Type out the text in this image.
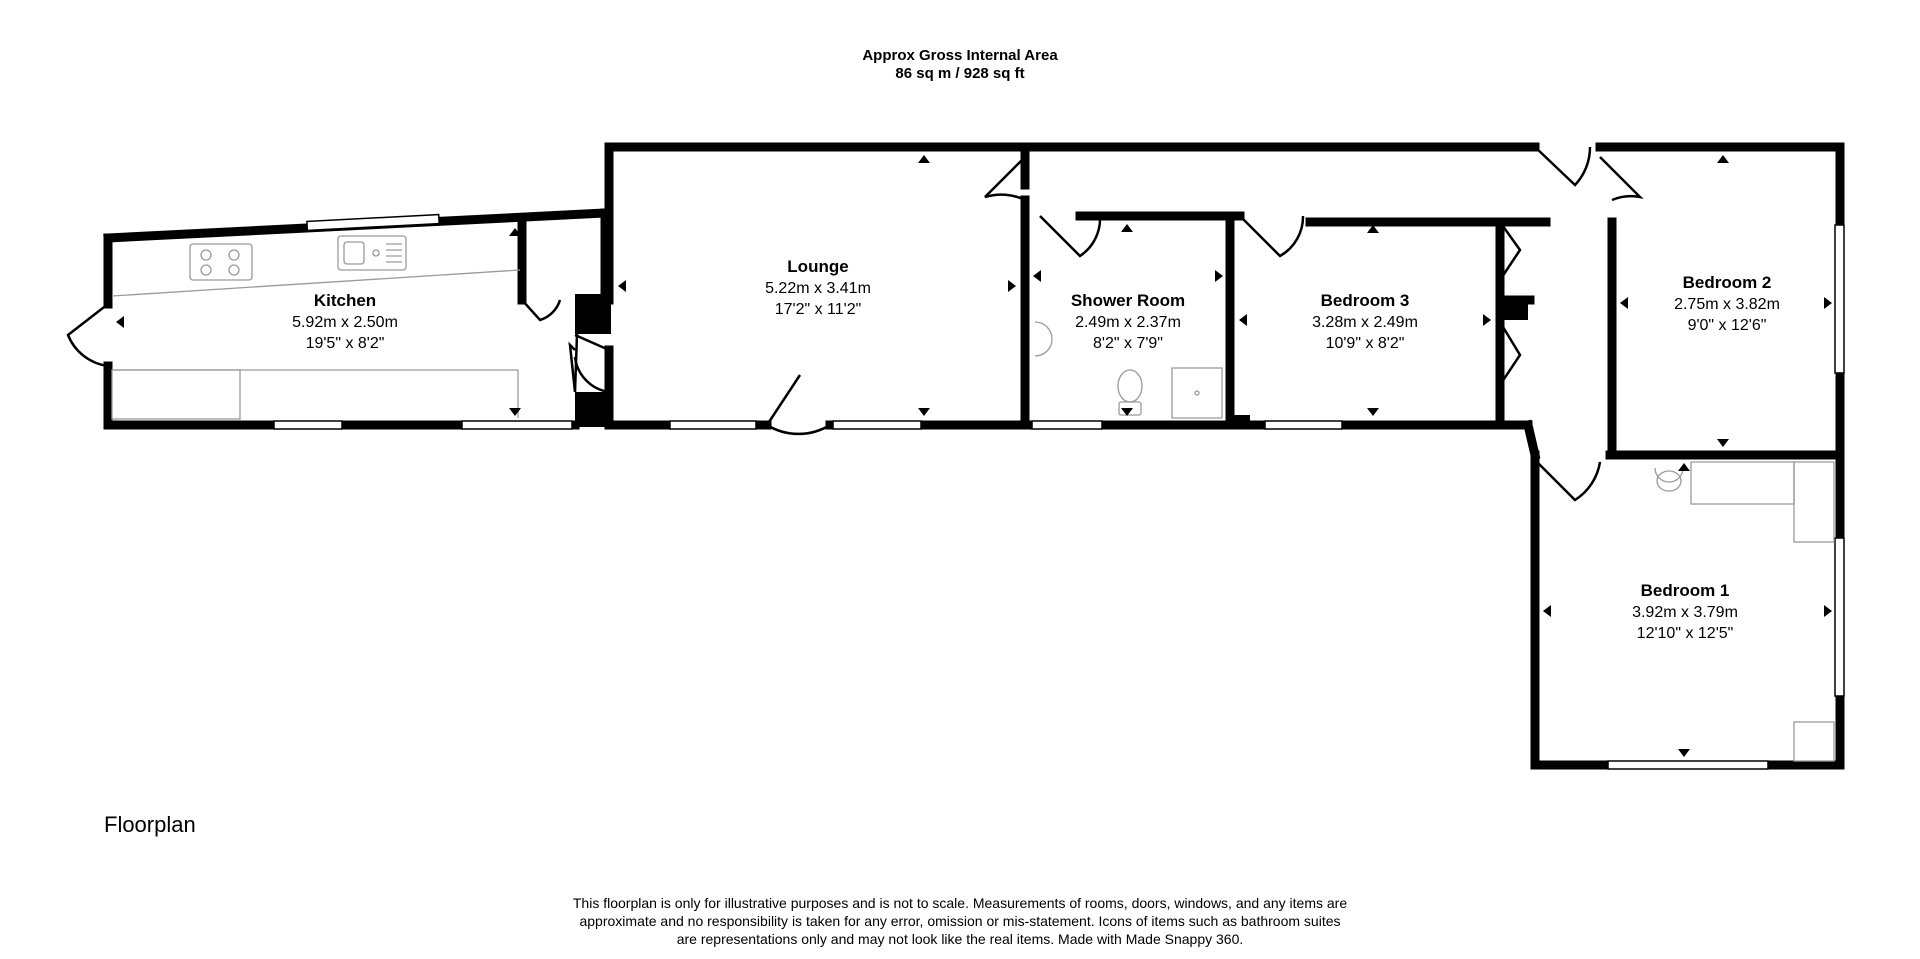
Approx Gross Internal Area
86 sq m / 928 sq ft
Kitchen
5.92m x 2.50m
19'5" x 8'2"
Lounge
5.22m x 3.41m
17'2" x 11'2"	Shower Room
2.49m x 2.37m
8'2" x 7'9"
Bedroom 3
3.28m x 2.49m
10'9" x 8'2"
Bedroom 2
2.75m x 3.82m
9'0" x 12'6"
Bedroom 1
3.92m x 3.79m
12'10" x 12'5"
Floorplan
This floorplan is only for illustrative purposes and is not to scale. Measurements of rooms, doors, windows, and any items are
approximate and no responsibility is taken for any error, omission or mis-statement. Icons of items such as bathroom suites
are representations only and may not look like the real items. Made with Made Snappy 360.
